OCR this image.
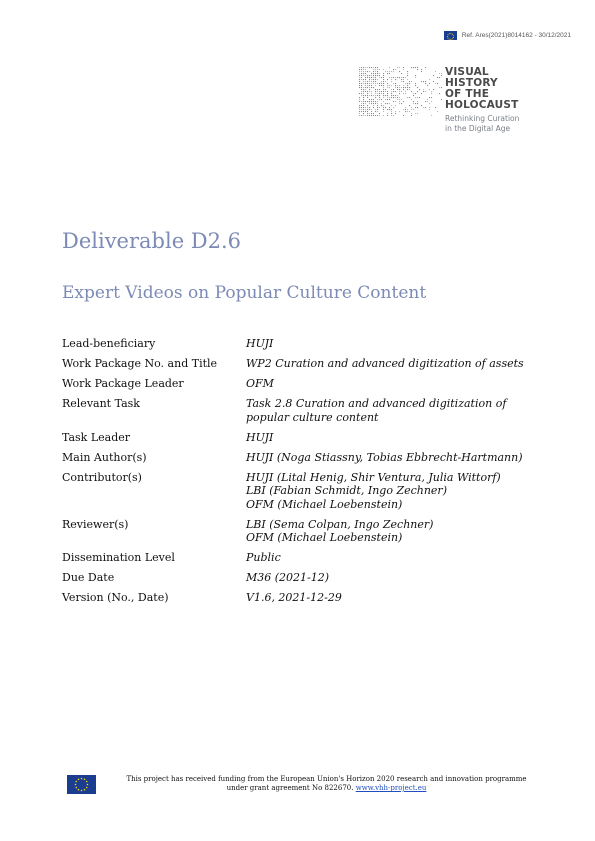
Ref. Ares(2021)8014162 - 30/12/2021
VISUAL
HISTORY
OF THE
HOLOCAUST
Rethinking Curation
in the Digital Age
Deliverable D2.6
Expert Videos on Popular Culture Content
Lead-beneficiary	HUJI

Work Package No. and Title	WP2 Curation and advanced digitization of assets

Work Package Leader	OFM

Relevant Task	Task 2.8 Curation and advanced digitization of
popular culture content

Task Leader	HUJI

Main Author(s)	HUJI (Noga Stiassny, Tobias Ebbrecht-Hartmann)

Contributor(s)	HUJI (Lital Henig, Shir Ventura, Julia Wittorf)
LBI (Fabian Schmidt, Ingo Zechner)
OFM (Michael Loebenstein)

Reviewer(s)	LBI (Sema Colpan, Ingo Zechner)
OFM (Michael Loebenstein)

Dissemination Level	Public

Due Date	M36 (2021-12)

Version (No., Date)	V1.6, 2021-12-29
This project has received funding from the European Union's Horizon 2020 research and innovation programme
under grant agreement No 822670. www.vhh-project.eu
